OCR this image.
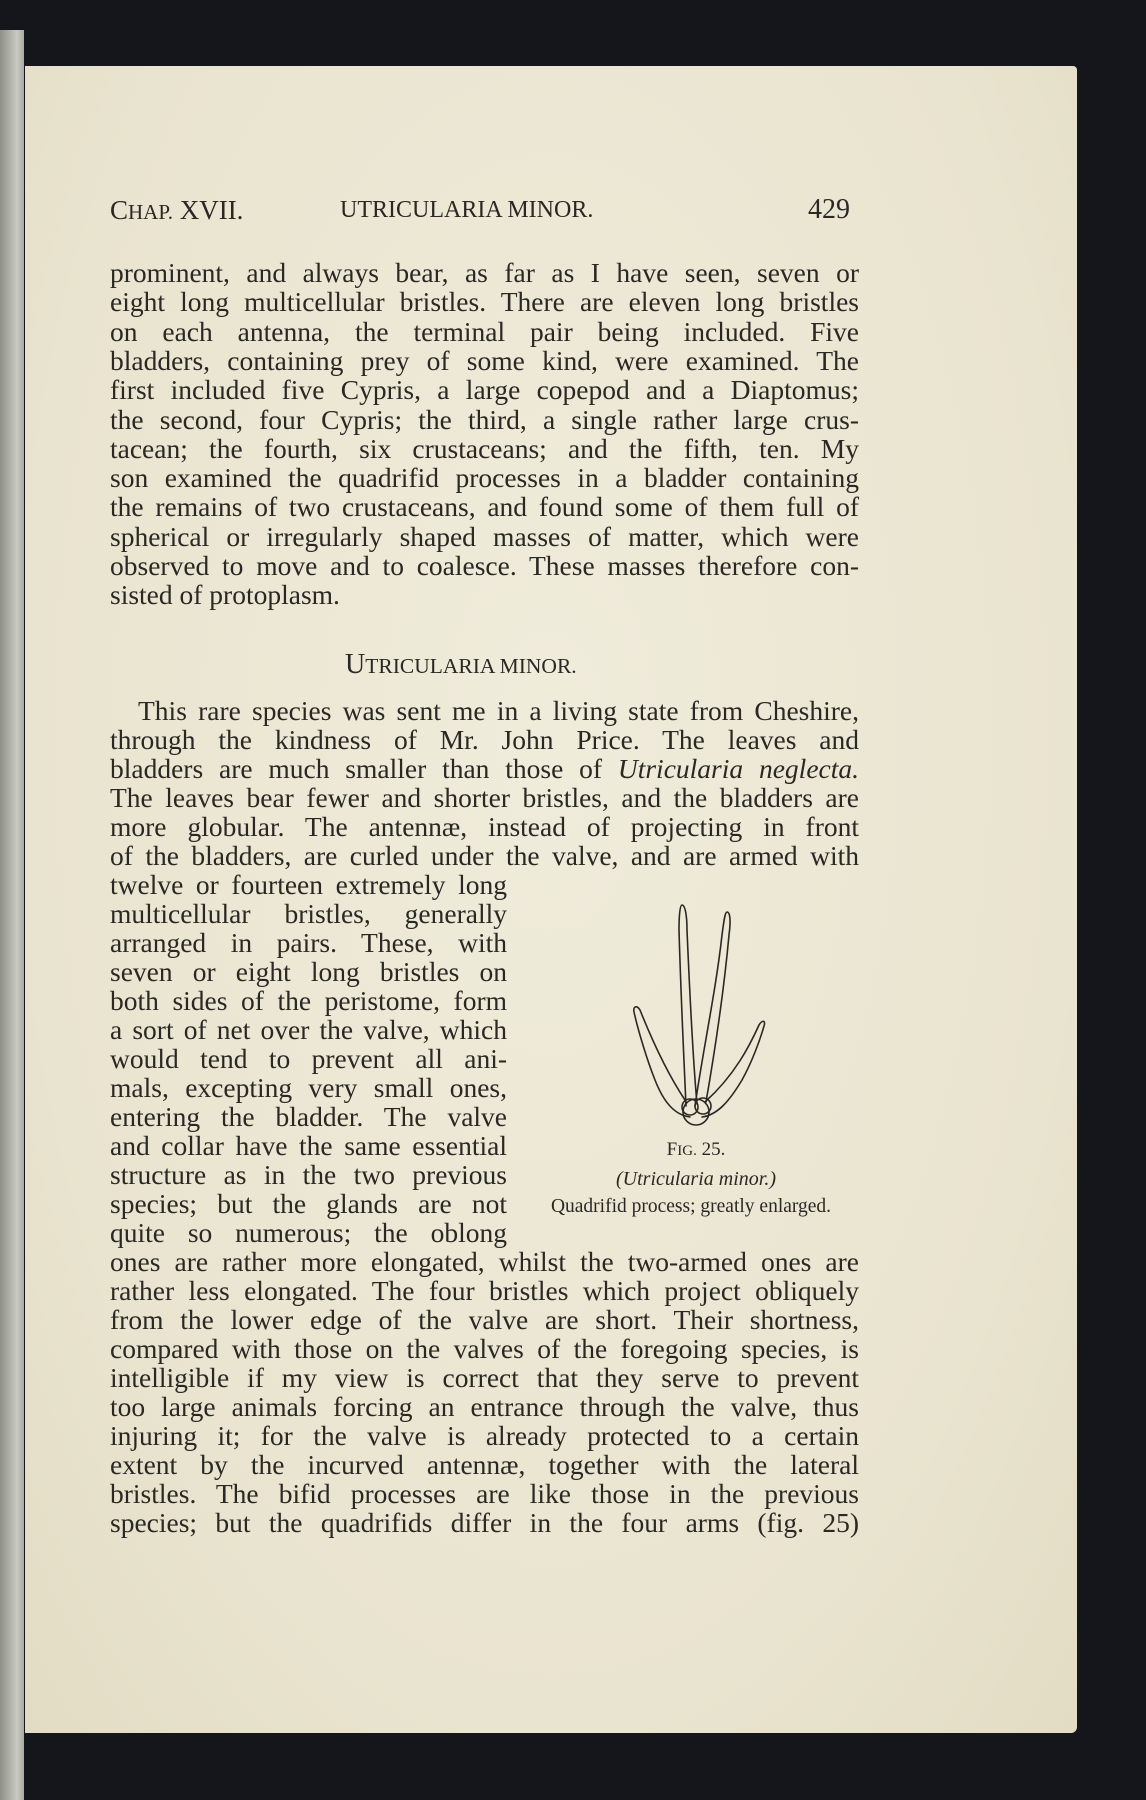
CHAP. XVII.	UTRICULARIA MINOR.	429
prominent, and always bear, as far as I have seen, seven or
eight long multicellular bristles. There are eleven long bristles
on each antenna, the terminal pair being included. Five
bladders, containing prey of some kind, were examined. The
first included five Cypris, a large copepod and a Diaptomus;
the second, four Cypris; the third, a single rather large crus-
tacean; the fourth, six crustaceans; and the fifth, ten. My
son examined the quadrifid processes in a bladder containing
the remains of two crustaceans, and found some of them full of
spherical or irregularly shaped masses of matter, which were
observed to move and to coalesce. These masses therefore con-
sisted of protoplasm.
UTRICULARIA MINOR.
This rare species was sent me in a living state from Cheshire,
through the kindness of Mr. John Price. The leaves and
bladders are much smaller than those of Utricularia neglecta.
The leaves bear fewer and shorter bristles, and the bladders are
more globular. The antennæ, instead of projecting in front
of the bladders, are curled under the valve, and are armed with
twelve or fourteen extremely long
multicellular bristles, generally
arranged in pairs. These, with
seven or eight long bristles on
both sides of the peristome, form
a sort of net over the valve, which
would tend to prevent all ani-
mals, excepting very small ones,
entering the bladder. The valve
and collar have the same essential
structure as in the two previous
species; but the glands are not
quite so numerous; the oblong
ones are rather more elongated, whilst the two-armed ones are
rather less elongated. The four bristles which project obliquely
from the lower edge of the valve are short. Their shortness,
compared with those on the valves of the foregoing species, is
intelligible if my view is correct that they serve to prevent
too large animals forcing an entrance through the valve, thus
injuring it; for the valve is already protected to a certain
extent by the incurved antennæ, together with the lateral
bristles. The bifid processes are like those in the previous
species; but the quadrifids differ in the four arms (fig. 25)
FIG. 25.
(Utricularia minor.)
Quadrifid process; greatly enlarged.
